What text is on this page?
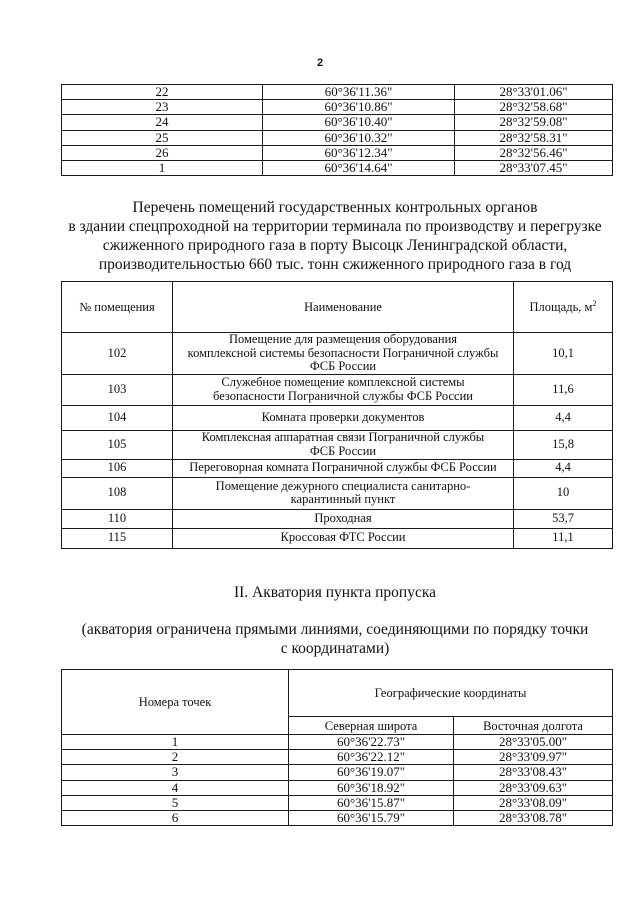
2
22	60°36'11.36"	28°33'01.06"
23	60°36'10.86"	28°32'58.68"
24	60°36'10.40"	28°32'59.08"
25	60°36'10.32"	28°32'58.31"
26	60°36'12.34"	28°32'56.46"
1	60°36'14.64"	28°33'07.45"
Перечень помещений государственных контрольных органов
в здании спецпроходной на территории терминала по производству и перегрузке
сжиженного природного газа в порту Высоцк Ленинградской области,
производительностью 660 тыс. тонн сжиженного природного газа в год
№ помещения	Наименование	Площадь, $м^2$
102	Помещение для размещения оборудования
комплексной системы безопасности Пограничной службы
ФСБ России	10,1
103	Служебное помещение комплексной системы
безопасности Пограничной службы ФСБ России	11,6
104	Комната проверки документов	4,4
105	Комплексная аппаратная связи Пограничной службы
ФСБ России	15,8
106	Переговорная комната Пограничной службы ФСБ России	4,4
108	Помещение дежурного специалиста санитарно-
карантинный пункт	10
110	Проходная	53,7
115	Кроссовая ФТС России	11,1
II. Акватория пункта пропуска
(акватория ограничена прямыми линиями, соединяющими по порядку точки
с координатами)
Номера точек	Географические координаты	
	Северная широта	Восточная долгота
1	60°36'22.73"	28°33'05.00"
2	60°36'22.12"	28°33'09.97"
3	60°36'19.07"	28°33'08.43"
4	60°36'18.92"	28°33'09.63"
5	60°36'15.87"	28°33'08.09"
6	60°36'15.79"	28°33'08.78"
